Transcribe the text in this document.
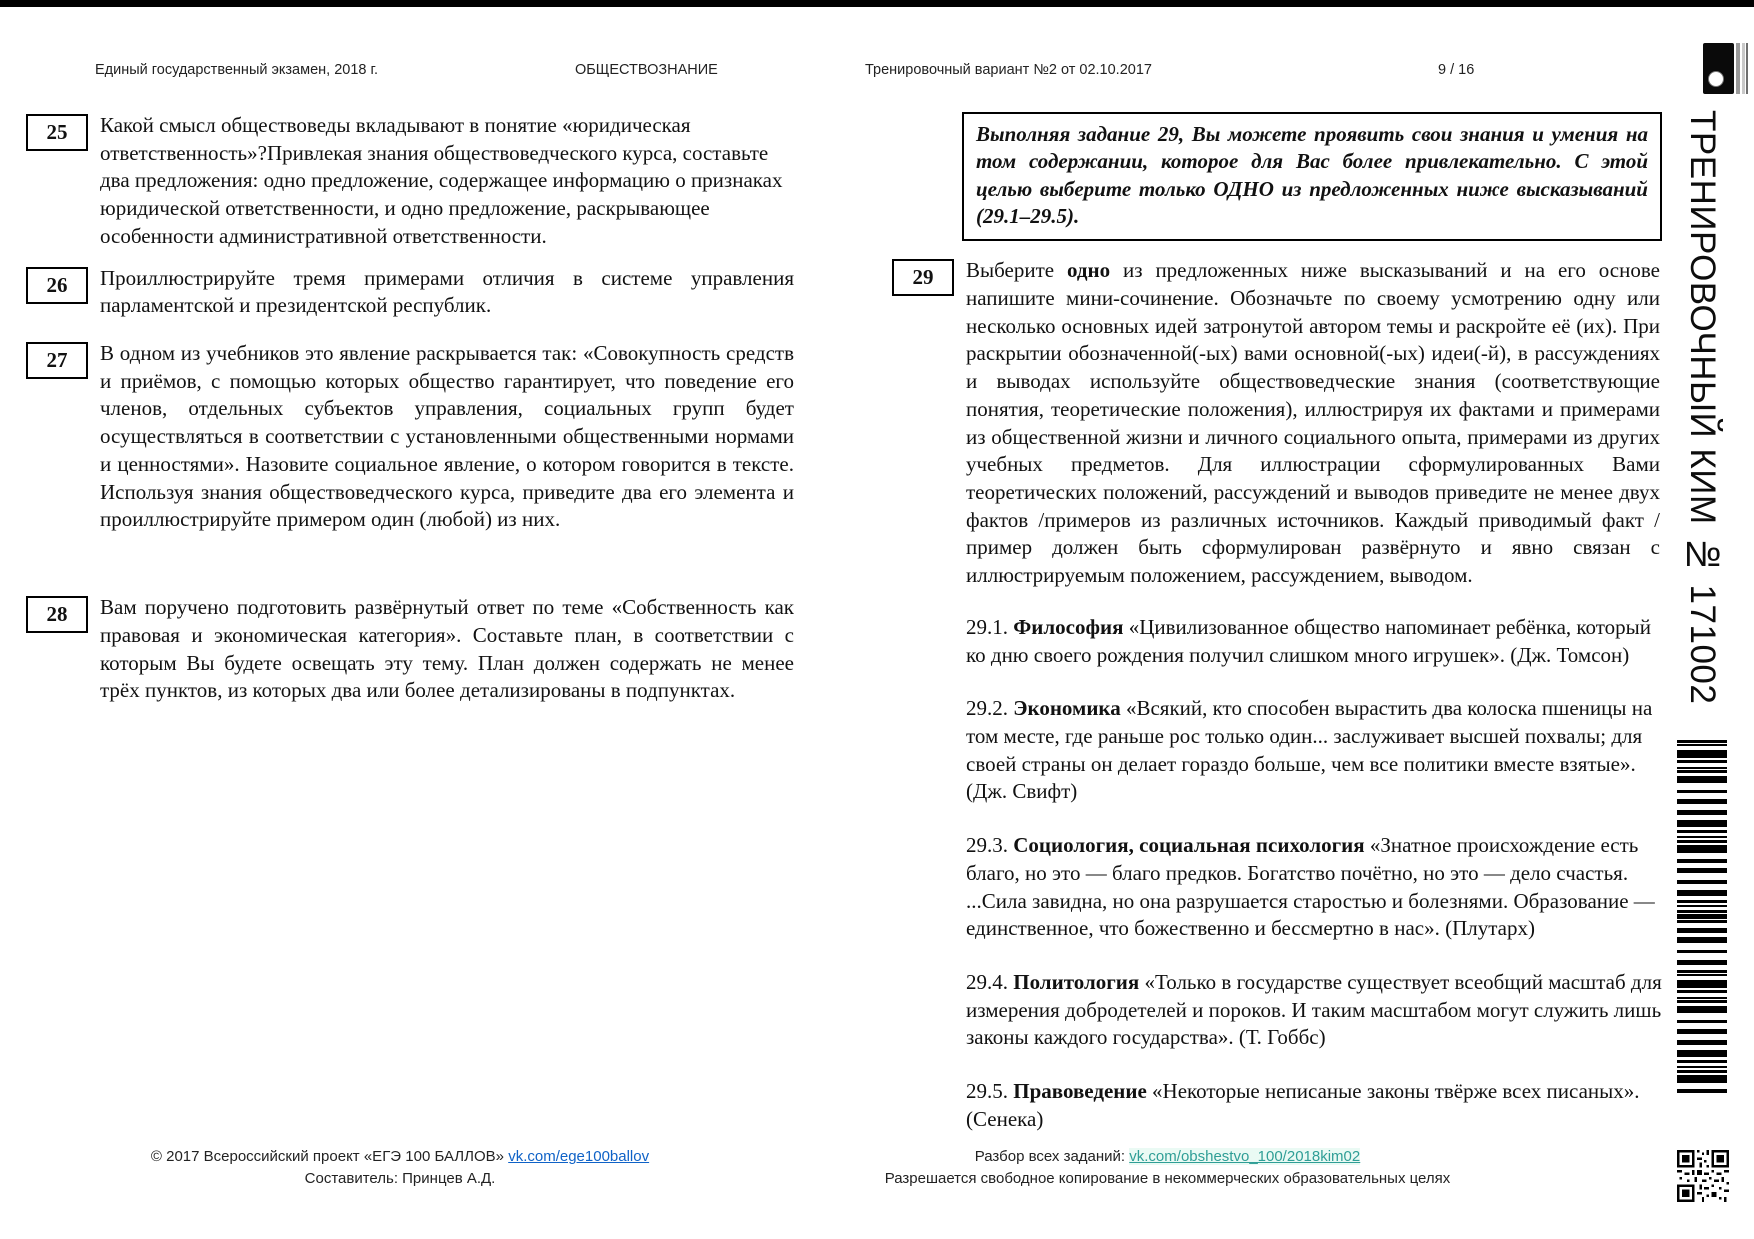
Единый государственный экзамен, 2018 г.	ОБЩЕСТВОЗНАНИЕ	Тренировочный вариант №2 от 02.10.2017	9 / 16
25 Какой смысл обществоведы вкладывают в понятие «юридическая ответственность»?Привлекая знания обществоведческого курса, составьте два предложения: одно предложение, содержащее информацию о признаках юридической ответственности, и одно предложение, раскрывающее особенности административной ответственности.

26 Проиллюстрируйте тремя примерами отличия в системе управления парламентской и президентской республик.

27 В одном из учебников это явление раскрывается так: «Совокупность средств и приёмов, с помощью которых общество гарантирует, что поведение его членов, отдельных субъектов управления, социальных групп будет осуществляться в соответствии с установленными общественными нормами и ценностями». Назовите социальное явление, о котором говорится в тексте. Используя знания обществоведческого курса, приведите два его элемента и проиллюстрируйте примером один (любой) из них.

28 Вам поручено подготовить развёрнутый ответ по теме «Собственность как правовая и экономическая категория». Составьте план, в соответствии с которым Вы будете освещать эту тему. План должен содержать не менее трёх пунктов, из которых два или более детализированы в подпунктах.

Выполняя задание 29, Вы можете проявить свои знания и умения на том содержании, которое для Вас более привлекательно. С этой целью выберите только ОДНО из предложенных ниже высказываний (29.1–29.5).
29 Выберите одно из предложенных ниже высказываний и на его основе напишите мини-сочинение. Обозначьте по своему усмотрению одну или несколько основных идей затронутой автором темы и раскройте её (их). При раскрытии обозначенной(-ых) вами основной(-ых) идеи(-й), в рассуждениях и выводах используйте обществоведческие знания (соответствующие понятия, теоретические положения), иллюстрируя их фактами и примерами из общественной жизни и личного социального опыта, примерами из других учебных предметов. Для иллюстрации сформулированных Вами теоретических положений, рассуждений и выводов приведите не менее двух фактов /примеров из различных источников. Каждый приводимый факт / пример должен быть сформулирован развёрнуто и явно связан с иллюстрируемым положением, рассуждением, выводом.

29.1. Философия «Цивилизованное общество напоминает ребёнка, который ко дню своего рождения получил слишком много игрушек». (Дж. Томсон)

29.2. Экономика «Всякий, кто способен вырастить два колоска пшеницы на том месте, где раньше рос только один... заслуживает высшей похвалы; для своей страны он делает гораздо больше, чем все политики вместе взятые». (Дж. Свифт)

29.3. Социология, социальная психология «Знатное происхождение есть благо, но это — благо предков. Богатство почётно, но это — дело счастья. ...Сила завидна, но она разрушается старостью и болезнями. Образование — единственное, что божественно и бессмертно в нас». (Плутарх)

29.4. Политология «Только в государстве существует всеобщий масштаб для измерения добродетелей и пороков. И таким масштабом могут служить лишь законы каждого государства». (Т. Гоббс)

29.5. Правоведение «Некоторые неписаные законы твёрже всех писаных». (Сенека)

© 2017 Всероссийский проект «ЕГЭ 100 БАЛЛОВ» vk.com/ege100ballov
Составитель: Принцев А.Д.
Разбор всех заданий: vk.com/obshestvo_100/2018kim02
Разрешается свободное копирование в некоммерческих образовательных целях
ТРЕНИРОВОЧНЫЙ КИМ № 171002
